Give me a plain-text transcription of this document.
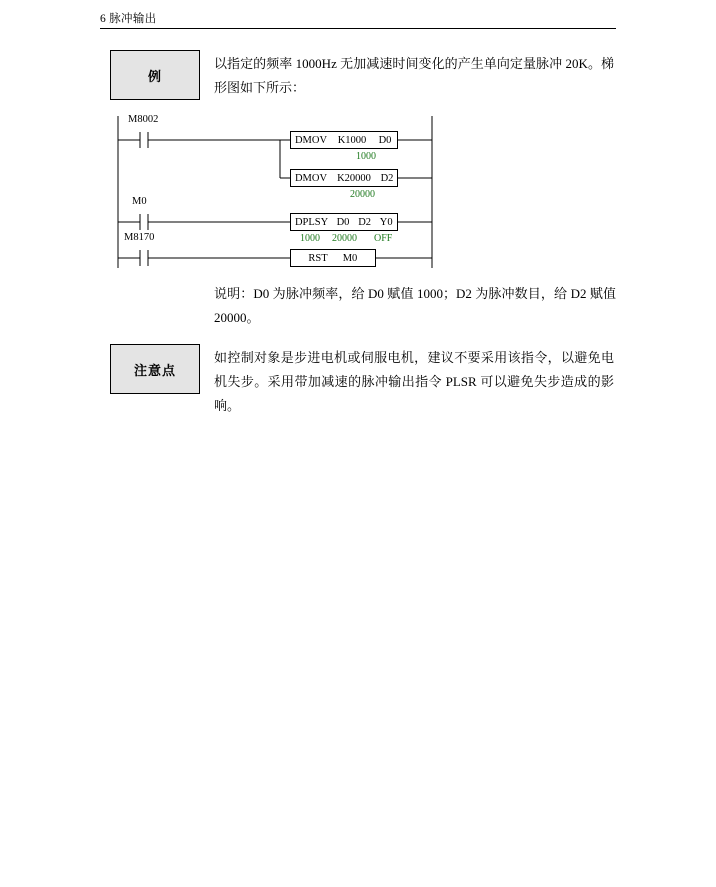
6 脉冲输出
例
以指定的频率 1000Hz 无加减速时间变化的产生单向定量脉冲 20K。梯形图如下所示：
M8002
M0
M8170
DMOV	K1000	D0
1000
DMOV K20000 D2
20000
DPLSY D0 D2 Y0
1000 20000 OFF
RST	M0
说明：D0 为脉冲频率，给 D0 赋值 1000；D2 为脉冲数目，给 D2 赋值 20000。
注意点
如控制对象是步进电机或伺服电机，建议不要采用该指令，以避免电机失步。采用带加减速的脉冲输出指令 PLSR 可以避免失步造成的影响。
